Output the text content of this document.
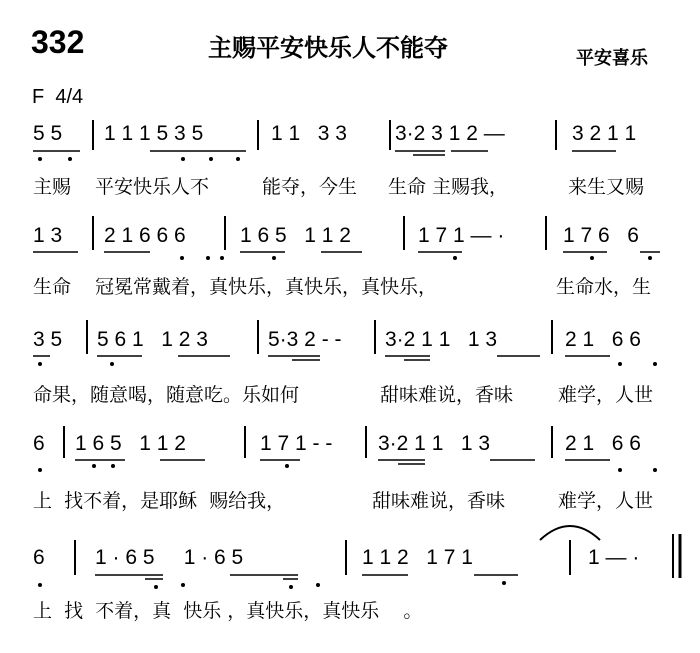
332	主赐平安快乐人不能夺	平安喜乐
F  4/4
5 5 1 1 1 5 3 5	1 1   3 3 3·2 3 1 2 —	3 2 1 1
主赐 平安快乐人不	能夺，今生 生命 主赐我，	来生又赐
1 3 2 1 6 6 6	1 6 5   1 1 2	1 7 1 — ·	1 7 6   6
生命 冠冕常戴着，真快乐，真快乐，真快乐，	生命水，生
3 5 5 6 1   1 2 3	5·3 2 - - 3·2 1 1   1 3	2 1   6 6
命果，随意喝，随意吃。乐如何	甜味难说，香味 难学，人世
6 1 6 5   1 1 2	1 7 1 - - 3·2 1 1   1 3	2 1   6 6
上  找不着，是耶稣  赐给我，	甜味难说，香味	难学，人世
6 1 · 6 5     1 · 6 5	1 1 2   1 7 1	1 — ·
上  找  不着，真  快乐 ，真快乐，真快乐    。
